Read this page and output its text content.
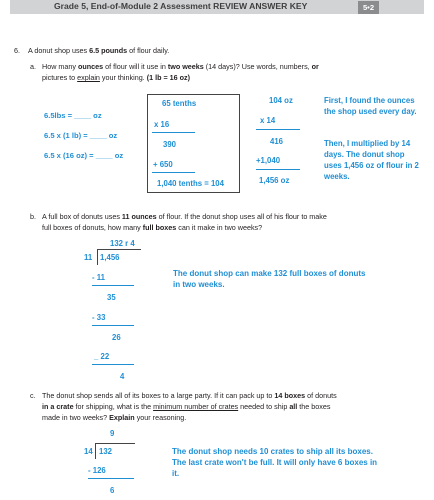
Grade 5, End-of-Module 2 Assessment REVIEW ANSWER KEY	5•2
6. A donut shop uses 6.5 pounds of flour daily.
a. How many ounces of flour will it use in two weeks (14 days)? Use words, numbers, or
pictures to explain your thinking. (1 lb = 16 oz)
6.5lbs = ____ oz
6.5 x (1 lb) = ____ oz
6.5 x (16 oz) = ____ oz
65 tenths
x 16
390
+ 650
1,040 tenths = 104
104 oz
x 14
416
+1,040
1,456 oz
First, I found the ounces the shop used every day.
Then, I multiplied by 14 days. The donut shop uses 1,456 oz of flour in 2 weeks.
b. A full box of donuts uses 11 ounces of flour. If the donut shop uses all of his flour to make
full boxes of donuts, how many full boxes can it make in two weeks?
132 r 4
11 1,456
- 11
35
- 33
26
_ 22
4
The donut shop can make 132 full boxes of donuts in two weeks.
c. The donut shop sends all of its boxes to a large party. If it can pack up to 14 boxes of donuts
in a crate for shipping, what is the minimum number of crates needed to ship all the boxes
made in two weeks? Explain your reasoning.
9
14 132
- 126
6
The donut shop needs 10 crates to ship all its boxes. The last crate won't be full. It will only have 6 boxes in it.
